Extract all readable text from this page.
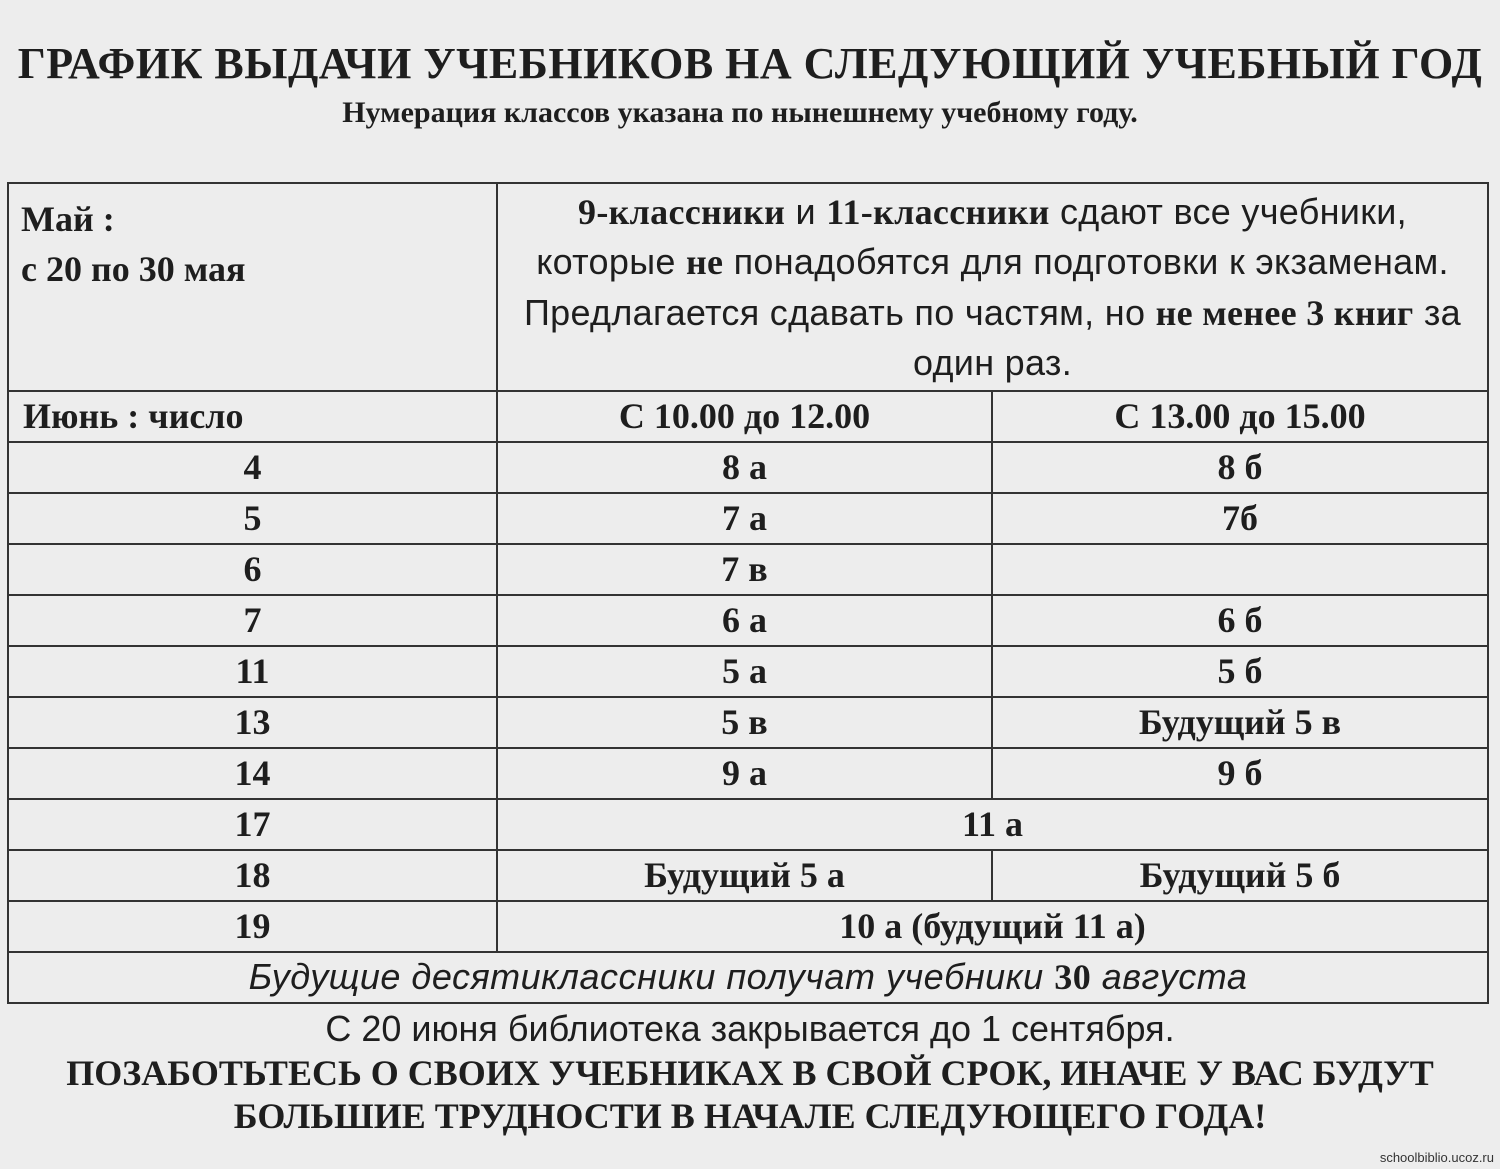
ГРАФИК ВЫДАЧИ УЧЕБНИКОВ НА СЛЕДУЮЩИЙ УЧЕБНЫЙ ГОД
Нумерация классов указана по нынешнему учебному году.
Май :
с 20 по 30 мая	9-классники и 11-классники сдают все учебники, которые не понадобятся для подготовки к экзаменам. Предлагается сдавать по частям, но не менее 3 книг за один раз.	
Июнь : число	С 10.00 до 12.00	С 13.00 до 15.00
4	8 а	8 б
5	7 а	7б
6	7 в	
7	6 а	6 б
11	5 а	5 б
13	5 в	Будущий 5 в
14	9 а	9 б
17	11 а	
18	Будущий 5 а	Будущий 5 б
19	10 а (будущий 11 а)	
Будущие десятиклассники получат учебники 30 августа		

С 20 июня библиотека закрывается до 1 сентября.

ПОЗАБОТЬТЕСЬ О СВОИХ УЧЕБНИКАХ В СВОЙ СРОК, ИНАЧЕ У ВАС БУДУТ
БОЛЬШИЕ ТРУДНОСТИ В НАЧАЛЕ СЛЕДУЮЩЕГО ГОДА!

schoolbiblio.ucoz.ru
